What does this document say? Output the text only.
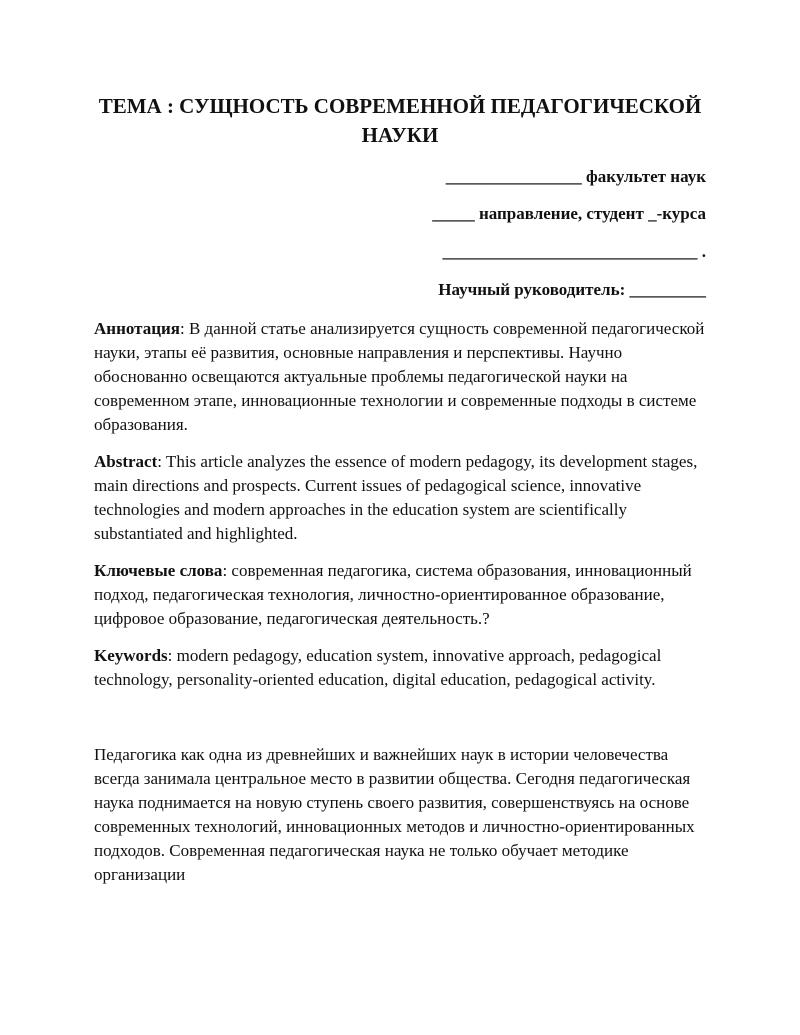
ТЕМА : СУЩНОСТЬ СОВРЕМЕННОЙ ПЕДАГОГИЧЕСКОЙ НАУКИ
________________ факультет наук
_____ направление, студент _-курса
______________________________ .
Научный руководитель: _________

Аннотация: В данной статье анализируется сущность современной педагогической науки, этапы её развития, основные направления и перспективы. Научно обоснованно освещаются актуальные проблемы педагогической науки на современном этапе, инновационные технологии и современные подходы в системе образования.

Abstract: This article analyzes the essence of modern pedagogy, its development stages, main directions and prospects. Current issues of pedagogical science, innovative technologies and modern approaches in the education system are scientifically substantiated and highlighted.

Ключевые слова: современная педагогика, система образования, инновационный подход, педагогическая технология, личностно-ориентированное образование, цифровое образование, педагогическая деятельность.?

Keywords: modern pedagogy, education system, innovative approach, pedagogical technology, personality-oriented education, digital education, pedagogical activity.

Педагогика как одна из древнейших и важнейших наук в истории человечества всегда занимала центральное место в развитии общества. Сегодня педагогическая наука поднимается на новую ступень своего развития, совершенствуясь на основе современных технологий, инновационных методов и личностно-ориентированных подходов. Современная педагогическая наука не только обучает методике организации
